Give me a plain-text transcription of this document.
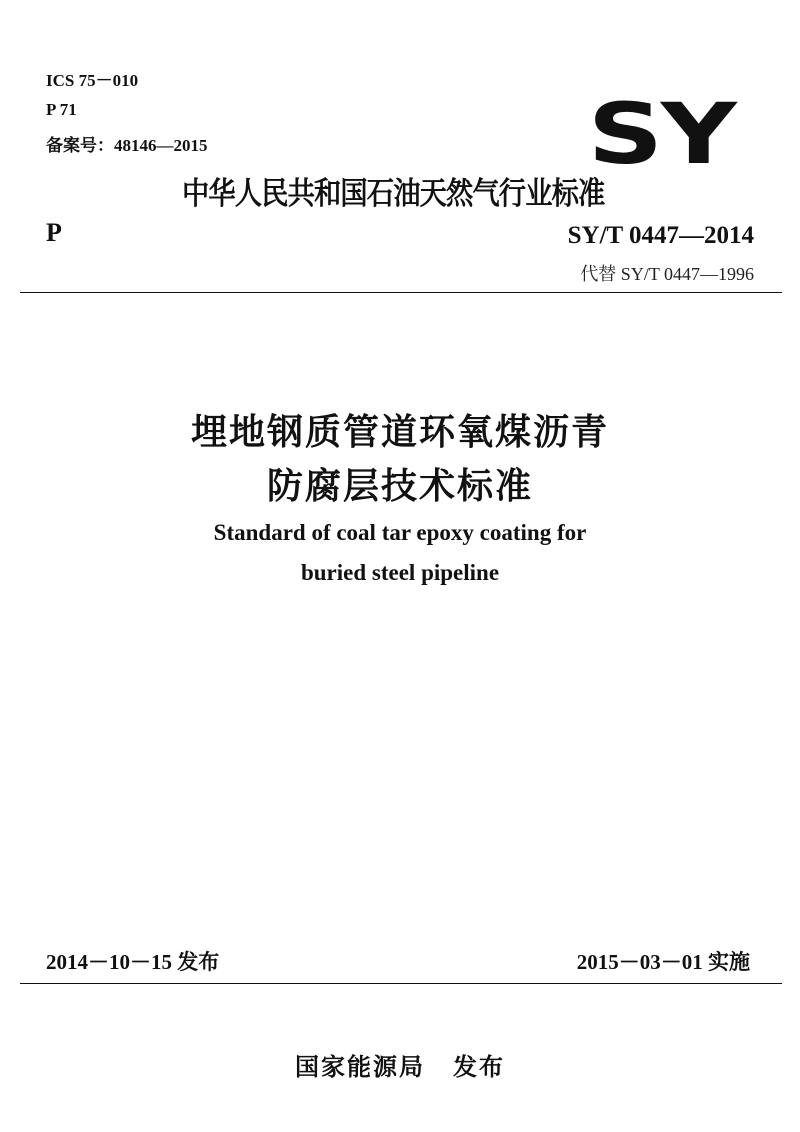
ICS 75－010
P 71
备案号：48146—2015	SY
中华人民共和国石油天然气行业标准
P	SY/T 0447—2014
代替 SY/T 0447—1996
埋地钢质管道环氧煤沥青
防腐层技术标准
Standard of coal tar epoxy coating for
buried steel pipeline
2014－10－15 发布	2015－03－01 实施
国家能源局 发布
